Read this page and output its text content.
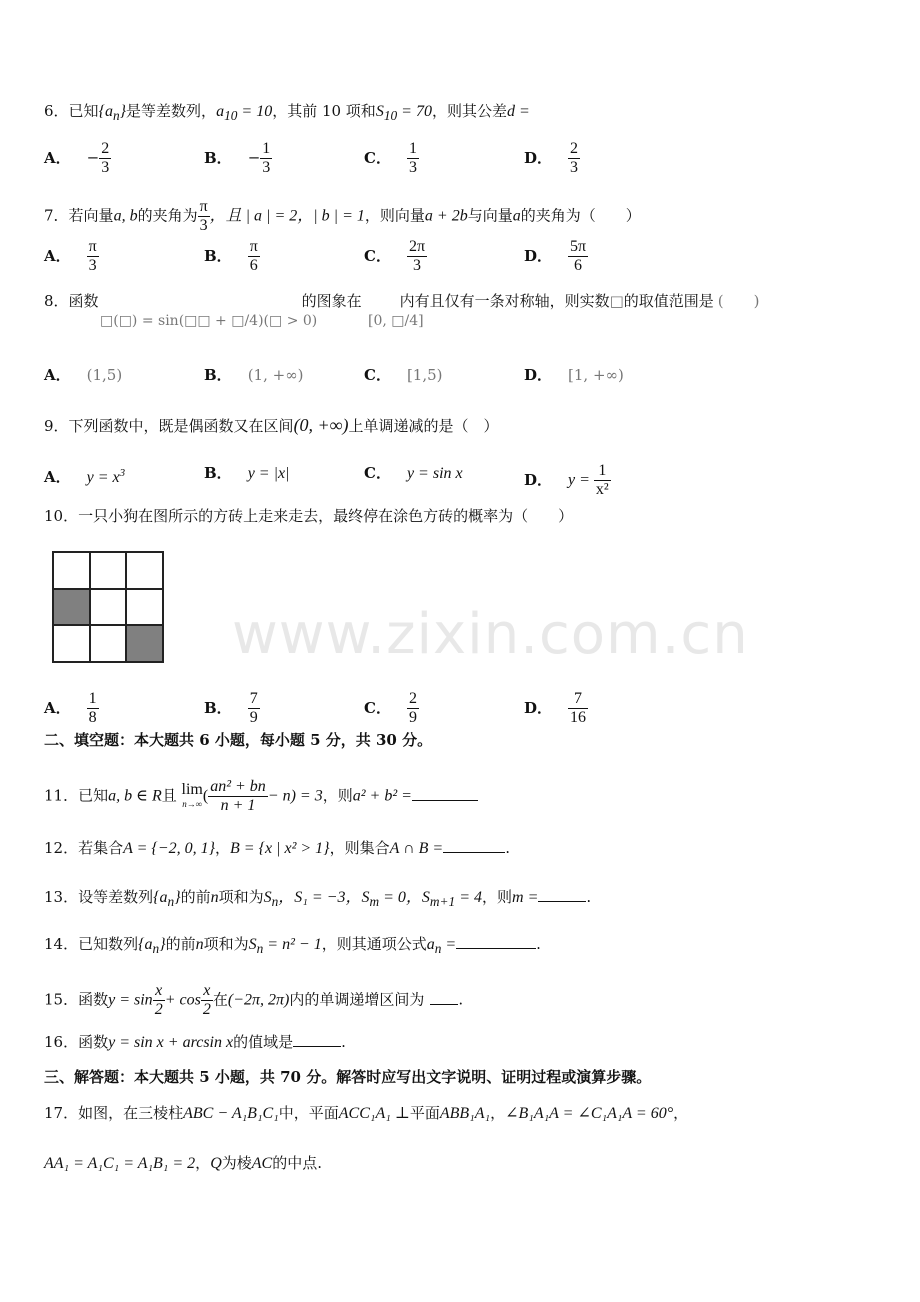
www.zixin.com.cn
6．已知$\{a_n\}$是等差数列，$a_{10} = 10$，其前 10 项和$S_{10} = 70$，则其公差d =
A． − $\frac{2}{3}$	B． − $\frac{1}{3}$	C． $\frac{1}{3}$	D． $\frac{2}{3}$
7．若向量a, b的夹角为 $\frac{\pi}{3}$ ，且 | a | = 2，| b | = 1，则向量a + 2b与向量a的夹角为（　　）
A． $\frac{\pi}{3}$	B． $\frac{\pi}{6}$	C． $\frac{2\pi}{3}$	D． $\frac{5\pi}{6}$
8．函数	的图象在	内有且仅有一条对称轴，则实数□的取值范围是 (　　)
□(□) = sin(□□ + □/4)(□ > 0)	[0, □/4]
A． (1,5)	B． (1, +∞)	C． [1,5)	D． [1, +∞)
9．下列函数中，既是偶函数又在区间(0, +∞)上单调递减的是（　）
A． $y = x^3$	B． y = |x|	C． y = sin x	D． $y = \frac{1}{\text{x²}}$
10．一只小狗在图所示的方砖上走来走去，最终停在涂色方砖的概率为（　　）
A． $\frac{1}{8}$	B． $\frac{7}{9}$	C． $\frac{2}{9}$	D． $\frac{7}{16}$
二、填空题：本大题共 6 小题，每小题 5 分，共 30 分。
11．已知a, b ∈ R且 lim
n→∞ ( $\frac{\text{an² + bn}}{n + 1} - n) = 3$，则a² + b² =
12．若集合A = {−2, 0, 1}，B = {x | x² > 1}，则集合A ∩ B =	.
13．设等差数列$\{a_n\}$的前n项和为$S_n$，S₁ = −3，$S_m = 0$，$S_{m+1} = 4$，则m =	.
14．已知数列$\{a_n\}$的前n项和为$S_n = n^2 - 1$，则其通项公式$a_n$ =	.
15．函数$y = \sin \frac{x}{2} + \cos \frac{x}{2}$ 在(−2π, 2π)内的单调递增区间为 .
16．函数y = sin x + arcsin x的值域是	.
三、解答题：本大题共 5 小题，共 70 分。解答时应写出文字说明、证明过程或演算步骤。
17．如图，在三棱柱ABC − A₁B₁C₁中，平面ACC₁A₁ ⊥平面ABB₁A₁，∠B₁A₁A = ∠C₁A₁A = 60°，
AA₁ = A₁C₁ = A₁B₁ = 2，Q为棱AC的中点.
